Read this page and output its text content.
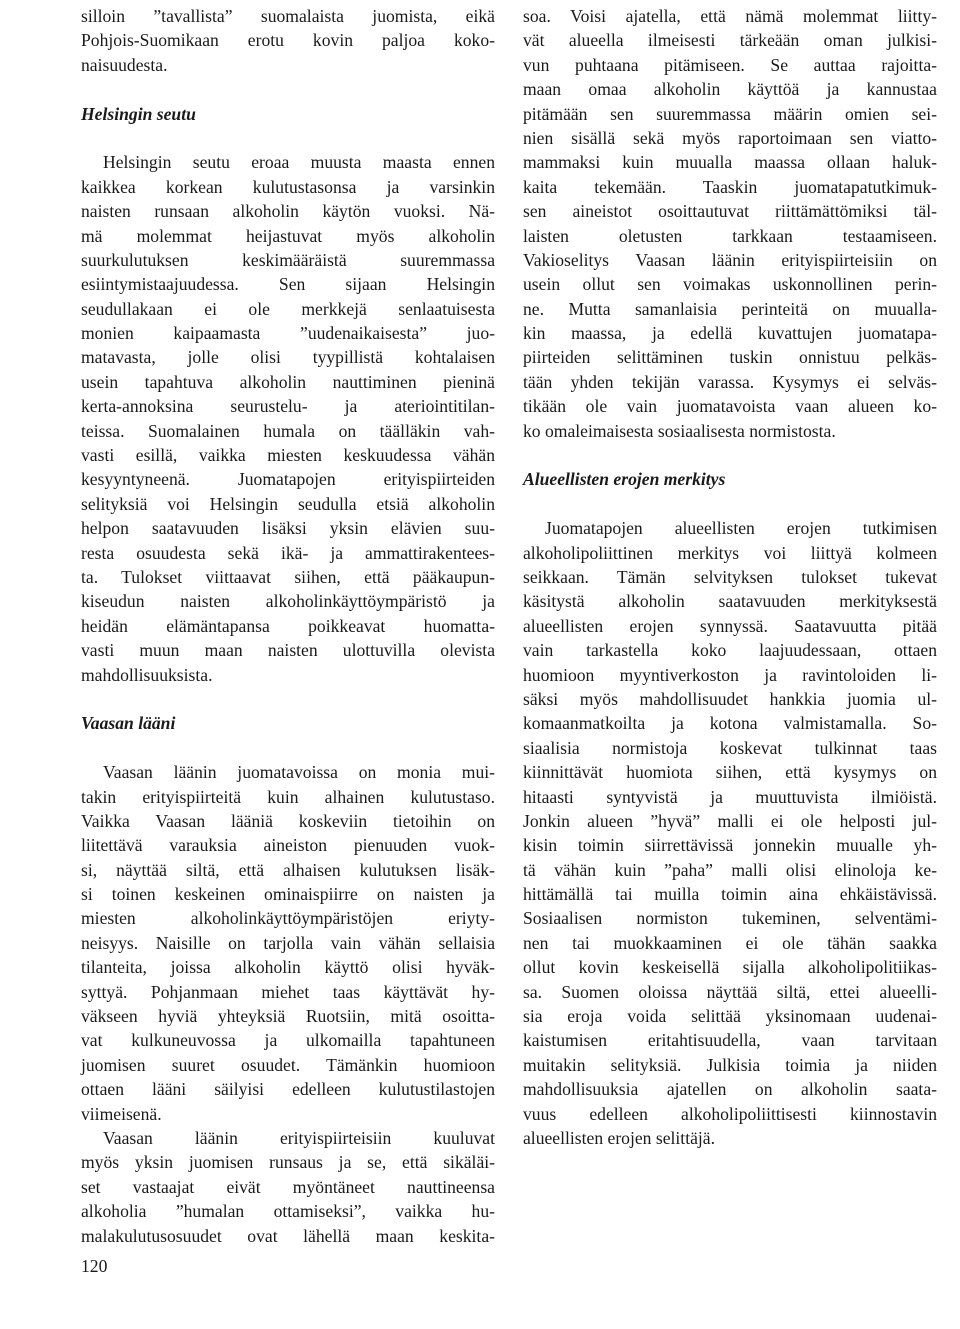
silloin ”tavallista” suomalaista juomista, eikä
Pohjois-Suomikaan erotu kovin paljoa koko-
naisuudesta.
Helsingin seutu
Helsingin seutu eroaa muusta maasta ennen
kaikkea korkean kulutustasonsa ja varsinkin
naisten runsaan alkoholin käytön vuoksi. Nä-
mä molemmat heijastuvat myös alkoholin
suurkulutuksen keskimääräistä suuremmassa
esiintymistaajuudessa. Sen sijaan Helsingin
seudullakaan ei ole merkkejä senlaatuisesta
monien kaipaamasta ”uudenaikaisesta” juo-
matavasta, jolle olisi tyypillistä kohtalaisen
usein tapahtuva alkoholin nauttiminen pieninä
kerta-annoksina seurustelu- ja ateriointitilan-
teissa. Suomalainen humala on täälläkin vah-
vasti esillä, vaikka miesten keskuudessa vähän
kesyyntyneenä. Juomatapojen erityispiirteiden
selityksiä voi Helsingin seudulla etsiä alkoholin
helpon saatavuuden lisäksi yksin elävien suu-
resta osuudesta sekä ikä- ja ammattirakentees-
ta. Tulokset viittaavat siihen, että pääkaupun-
kiseudun naisten alkoholinkäyttöympäristö ja
heidän elämäntapansa poikkeavat huomatta-
vasti muun maan naisten ulottuvilla olevista
mahdollisuuksista.
Vaasan lääni
Vaasan läänin juomatavoissa on monia mui-
takin erityispiirteitä kuin alhainen kulutustaso.
Vaikka Vaasan lääniä koskeviin tietoihin on
liitettävä varauksia aineiston pienuuden vuok-
si, näyttää siltä, että alhaisen kulutuksen lisäk-
si toinen keskeinen ominaispiirre on naisten ja
miesten alkoholinkäyttöympäristöjen eriyty-
neisyys. Naisille on tarjolla vain vähän sellaisia
tilanteita, joissa alkoholin käyttö olisi hyväk-
syttyä. Pohjanmaan miehet taas käyttävät hy-
väkseen hyviä yhteyksiä Ruotsiin, mitä osoitta-
vat kulkuneuvossa ja ulkomailla tapahtuneen
juomisen suuret osuudet. Tämänkin huomioon
ottaen lääni säilyisi edelleen kulutustilastojen
viimeisenä.
Vaasan läänin erityispiirteisiin kuuluvat
myös yksin juomisen runsaus ja se, että sikäläi-
set vastaajat eivät myöntäneet nauttineensa
alkoholia ”humalan ottamiseksi”, vaikka hu-
malakulutusosuudet ovat lähellä maan keskita-
soa. Voisi ajatella, että nämä molemmat liitty-
vät alueella ilmeisesti tärkeään oman julkisi-
vun puhtaana pitämiseen. Se auttaa rajoitta-
maan omaa alkoholin käyttöä ja kannustaa
pitämään sen suuremmassa määrin omien sei-
nien sisällä sekä myös raportoimaan sen viatto-
mammaksi kuin muualla maassa ollaan haluk-
kaita tekemään. Taaskin juomatapatutkimuk-
sen aineistot osoittautuvat riittämättömiksi täl-
laisten oletusten tarkkaan testaamiseen.
Vakioselitys Vaasan läänin erityispiirteisiin on
usein ollut sen voimakas uskonnollinen perin-
ne. Mutta samanlaisia perinteitä on muualla-
kin maassa, ja edellä kuvattujen juomatapa-
piirteiden selittäminen tuskin onnistuu pelkäs-
tään yhden tekijän varassa. Kysymys ei selväs-
tikään ole vain juomatavoista vaan alueen ko-
ko omaleimaisesta sosiaalisesta normistosta.
Alueellisten erojen merkitys
Juomatapojen alueellisten erojen tutkimisen
alkoholipoliittinen merkitys voi liittyä kolmeen
seikkaan. Tämän selvityksen tulokset tukevat
käsitystä alkoholin saatavuuden merkityksestä
alueellisten erojen synnyssä. Saatavuutta pitää
vain tarkastella koko laajuudessaan, ottaen
huomioon myyntiverkoston ja ravintoloiden li-
säksi myös mahdollisuudet hankkia juomia ul-
komaanmatkoilta ja kotona valmistamalla. So-
siaalisia normistoja koskevat tulkinnat taas
kiinnittävät huomiota siihen, että kysymys on
hitaasti syntyvistä ja muuttuvista ilmiöistä.
Jonkin alueen ”hyvä” malli ei ole helposti jul-
kisin toimin siirrettävissä jonnekin muualle yh-
tä vähän kuin ”paha” malli olisi elinoloja ke-
hittämällä tai muilla toimin aina ehkäistävissä.
Sosiaalisen normiston tukeminen, selventämi-
nen tai muokkaaminen ei ole tähän saakka
ollut kovin keskeisellä sijalla alkoholipolitiikas-
sa. Suomen oloissa näyttää siltä, ettei alueelli-
sia eroja voida selittää yksinomaan uudenai-
kaistumisen eritahtisuudella, vaan tarvitaan
muitakin selityksiä. Julkisia toimia ja niiden
mahdollisuuksia ajatellen on alkoholin saata-
vuus edelleen alkoholipoliittisesti kiinnostavin
alueellisten erojen selittäjä.
120
